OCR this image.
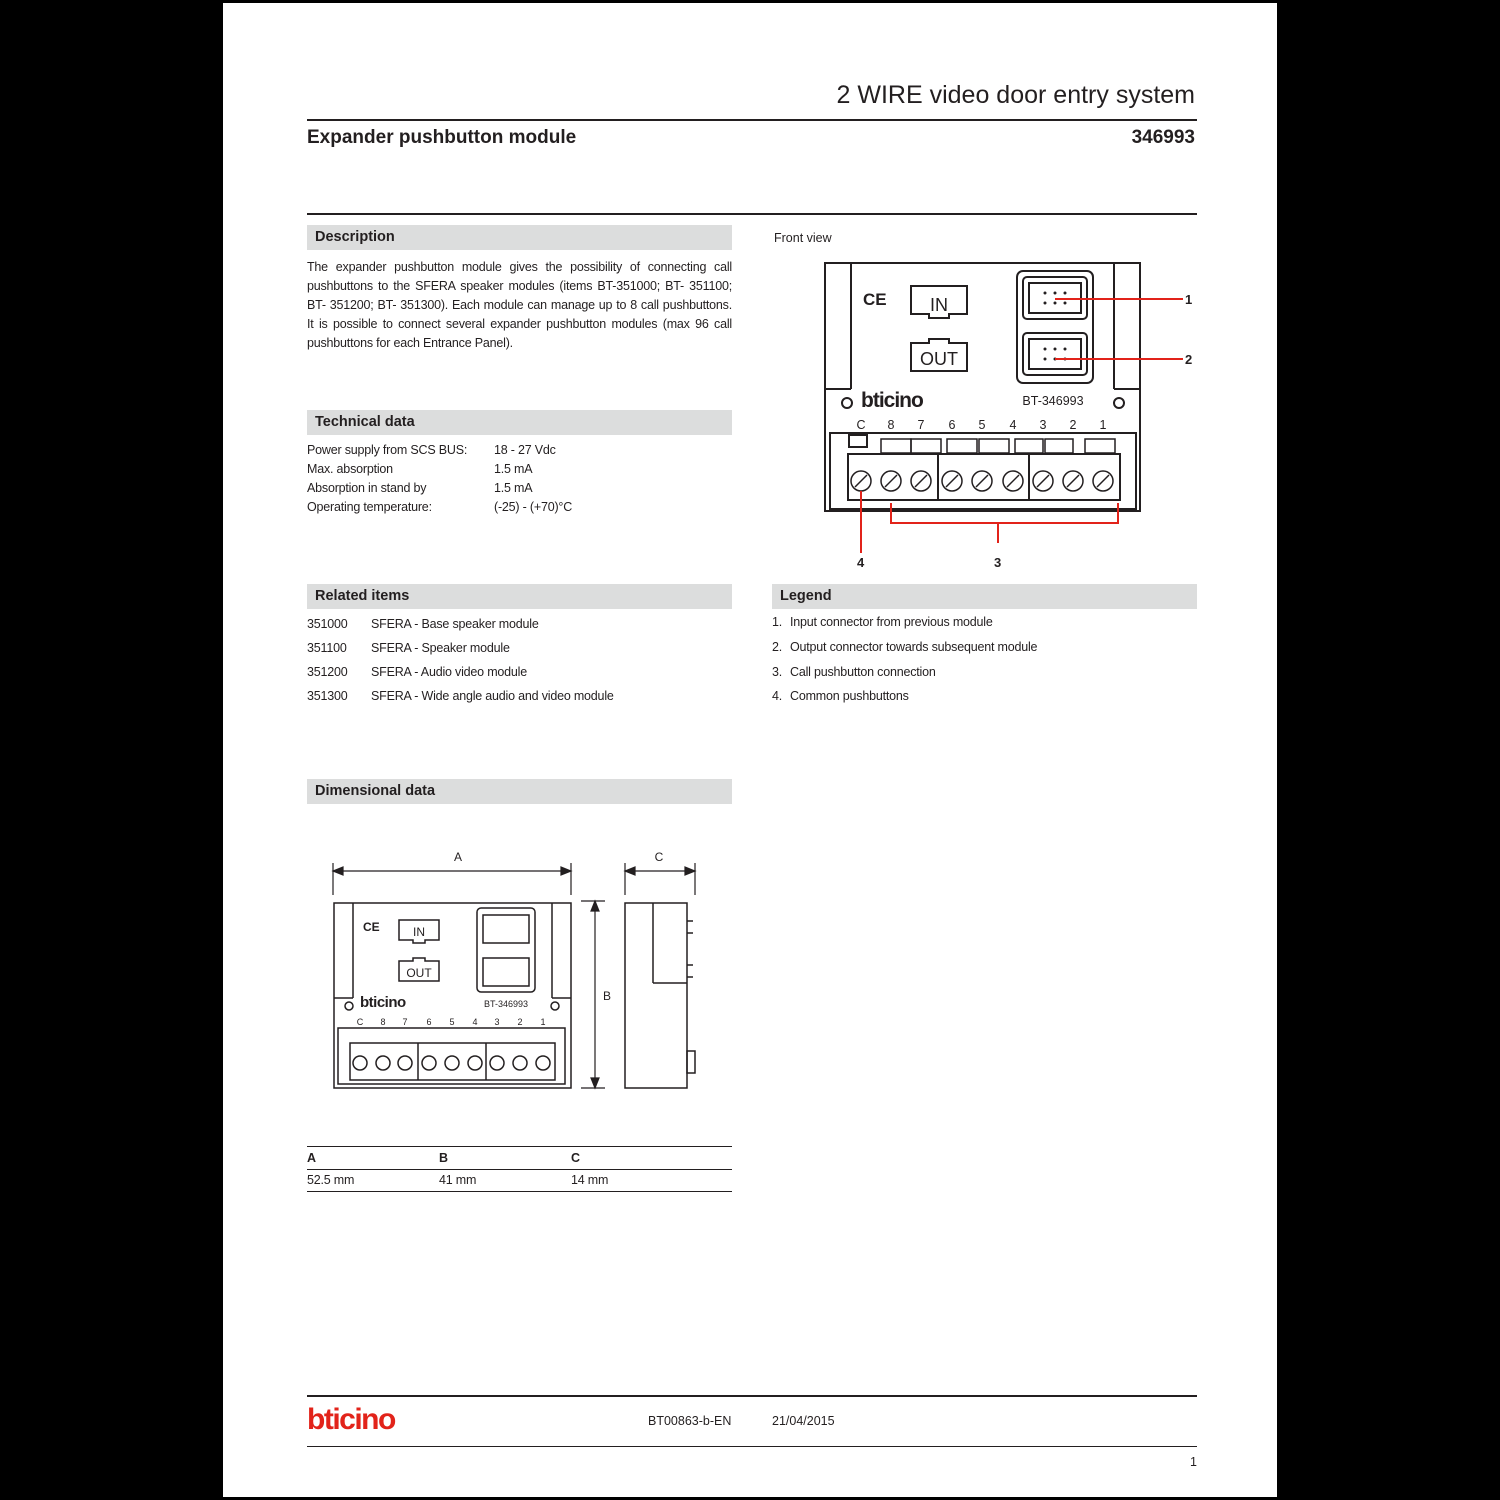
2 WIRE video door entry system
Expander pushbutton module	346993
Description
The expander pushbutton module gives the possibility of connecting call pushbuttons to the SFERA speaker modules (items BT-351000; BT- 351100; BT- 351200; BT- 351300). Each module can manage up to 8 call pushbuttons. It is possible to connect several expander pushbutton modules (max 96 call pushbuttons for each Entrance Panel).
Technical data
Power supply from SCS BUS: 18 - 27 Vdc
Max. absorption	1.5 mA
Absorption in stand by	1.5 mA
Operating temperature:	(-25) - (+70)°C
Related items
351000 SFERA - Base speaker module
351100 SFERA - Speaker module
351200 SFERA - Audio video module
351300 SFERA - Wide angle audio and video module
Legend
1. Input connector from previous module
2. Output connector towards subsequent module
3. Call pushbutton connection
4. Common pushbuttons
Front view
CE IN
OUT
bticino	BT-346993
C 8 7 6 5 4 3 2 1
1
2
3
4
Dimensional data
A	C
B
CE	IN
OUT
bticino	BT-346993
C 8 7 6 5 4 3 2 1
A	B	C
52.5 mm	41 mm	14 mm
bticino	BT00863-b-EN	21/04/2015
1
